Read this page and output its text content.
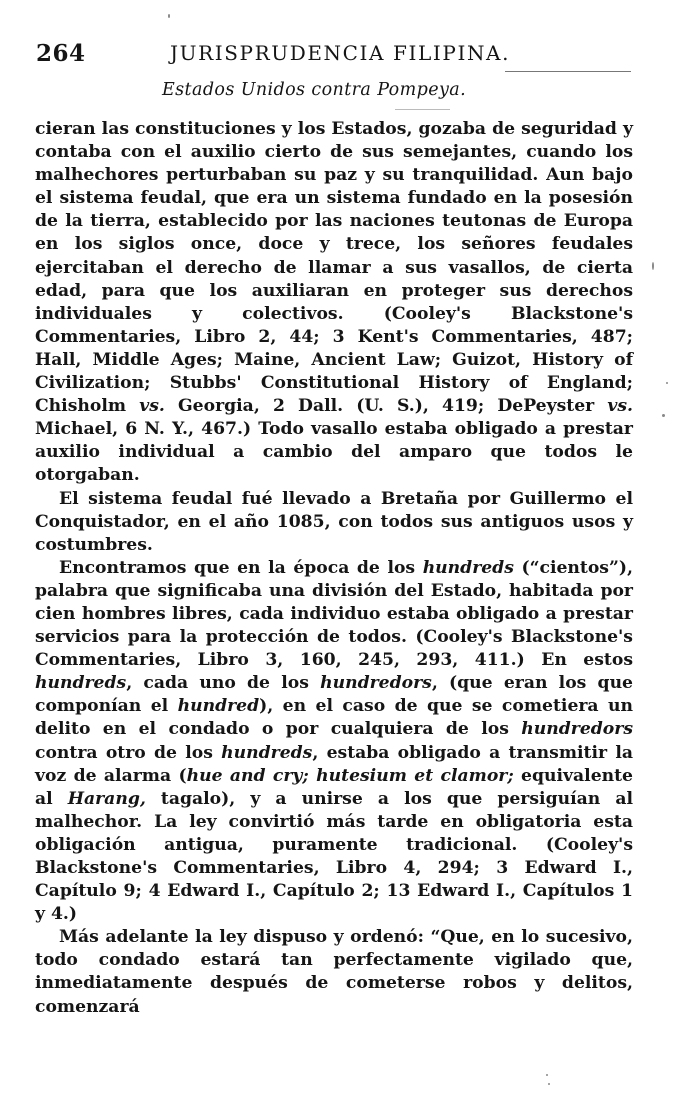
264	JURISPRUDENCIA FILIPINA.
Estados Unidos contra Pompeya.

cieran las constituciones y los Estados, gozaba de seguridad y contaba con el auxilio cierto de sus semejantes, cuando los malhechores perturbaban su paz y su tranquilidad. Aun bajo el sistema feudal, que era un sistema fundado en la posesión de la tierra, establecido por las naciones teutonas de Europa en los siglos once, doce y trece, los señores feudales ejercitaban el derecho de llamar a sus vasallos, de cierta edad, para que los auxiliaran en proteger sus derechos individuales y colectivos. (Cooley's Blackstone's Commentaries, Libro 2, 44; 3 Kent's Commentaries, 487; Hall, Middle Ages; Maine, Ancient Law; Guizot, History of Civilization; Stubbs' Constitutional History of England; Chisholm vs. Georgia, 2 Dall. (U. S.), 419; DePeyster vs. Michael, 6 N. Y., 467.) Todo vasallo estaba obligado a prestar auxilio individual a cambio del amparo que todos le otorgaban.

El sistema feudal fué llevado a Bretaña por Guillermo el Conquistador, en el año 1085, con todos sus antiguos usos y costumbres.

Encontramos que en la época de los hundreds (“cientos”), palabra que significaba una división del Estado, habitada por cien hombres libres, cada individuo estaba obligado a prestar servicios para la protección de todos. (Cooley's Blackstone's Commentaries, Libro 3, 160, 245, 293, 411.) En estos hundreds, cada uno de los hundredors, (que eran los que componían el hundred), en el caso de que se cometiera un delito en el condado o por cualquiera de los hundredors contra otro de los hundreds, estaba obligado a transmitir la voz de alarma (hue and cry; hutesium et clamor; equivalente al Harang, tagalo), y a unirse a los que persiguían al malhechor. La ley convirtió más tarde en obligatoria esta obligación antigua, puramente tradicional. (Cooley's Blackstone's Commentaries, Libro 4, 294; 3 Edward I., Capítulo 9; 4 Edward I., Capítulo 2; 13 Edward I., Capítulos 1 y 4.)

Más adelante la ley dispuso y ordenó: “Que, en lo sucesivo, todo condado estará tan perfectamente vigilado que, inmediatamente después de cometerse robos y delitos, comenzará
